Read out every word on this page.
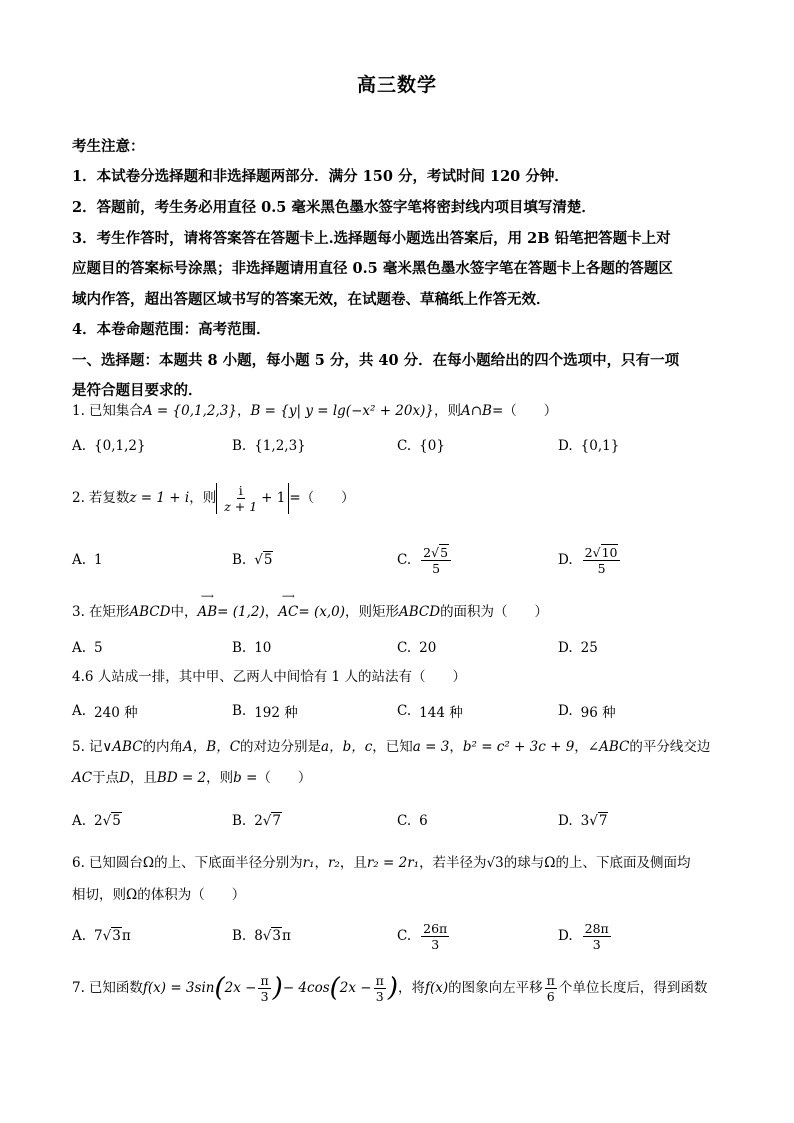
高三数学
考生注意：
1．本试卷分选择题和非选择题两部分．满分 150 分，考试时间 120 分钟．
2．答题前，考生务必用直径 0.5 毫米黑色墨水签字笔将密封线内项目填写清楚．
3．考生作答时，请将答案答在答题卡上.选择题每小题选出答案后，用 2B 铅笔把答题卡上对
应题目的答案标号涂黑；非选择题请用直径 0.5 毫米黑色墨水签字笔在答题卡上各题的答题区
域内作答，超出答题区域书写的答案无效，在试题卷、草稿纸上作答无效．
4．本卷命题范围：高考范围．
一、选择题：本题共 8 小题，每小题 5 分，共 40 分．在每小题给出的四个选项中，只有一项
是符合题目要求的．
1. 已知集合A = {0,1,2,3}，B = {y| y = lg(−x² + 20x)}，则A∩B=（　　）
A. {0,1,2}	B. {1,2,3}	C. {0}	D. {0,1}
2. 若复数 z = 1 + i ，则 $\frac{i}{z + 1} + 1$ =（　　）
A. 1	B. √5	C. $\frac{2√5}{5}$	D. $\frac{2√10}{5}$
3. 在矩形ABCD中，
⟶
AB= (1,2)，
⟶
AC= (x,0)，则矩形ABCD的面积为（　　）
A. 5	B. 10	C. 20	D. 25
4.6 人站成一排，其中甲、乙两人中间恰有 1 人的站法有（　　）
A. 240 种	B. 192 种	C. 144 种	D. 96 种
5. 记∨ABC的内角A，B，C的对边分别是a，b，c，已知a = 3，b² = c² + 3c + 9，∠ABC的平分线交边
AC于点D，且BD = 2，则b =（　　）
A. 2√5	B. 2√7	C. 6	D. 3√7
6. 已知圆台Ω的上、下底面半径分别为r₁，r₂，且r₂ = 2r₁，若半径为√3的球与Ω的上、下底面及侧面均
相切，则Ω的体积为（　　）
A. 7√3π	B. 8√3π	C. $\frac{26\pi}{3}$	D. $\frac{28\pi}{3}$
7. 已知函数 f(x) = 3sin ( $2x - \frac{\pi}{3}$ ) − 4cos ( $2x - \frac{\pi}{3}$ ) ，将 f(x) 的图象向左平移 $\frac{\pi}{6}$ 个单位长度后，得到函数
